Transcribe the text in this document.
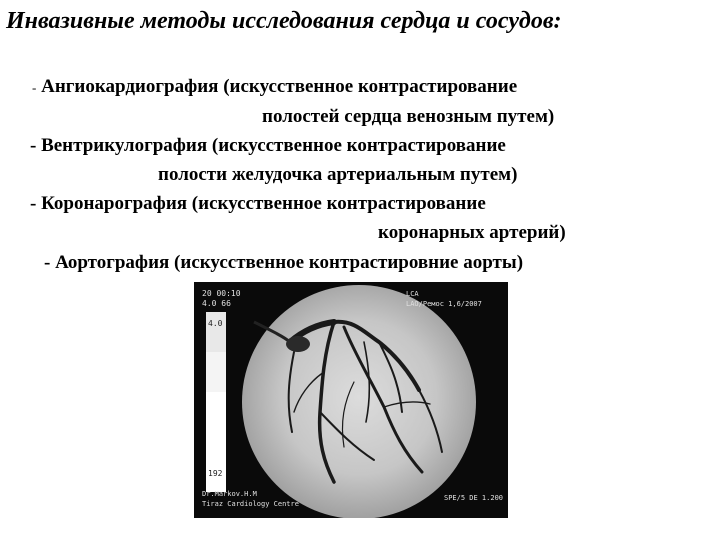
Инвазивные методы исследования сердца и сосудов:
- Ангиокардиография (искусственное контрастирование
полостей сердца венозным путем)
- Вентрикулография (искусственное контрастирование
полости желудочка артериальным путем)
- Коронарография (искусственное контрастирование
коронарных артерий)
- Аортография (искусственное контрастировние аорты)
20 00:10
4.0 66
LCA
LAO/Ремос 1,6/2007
4.0
192
Dr.Markov.H.M
Tiraz Cardiology Centre
SPE/5 DE 1.200
